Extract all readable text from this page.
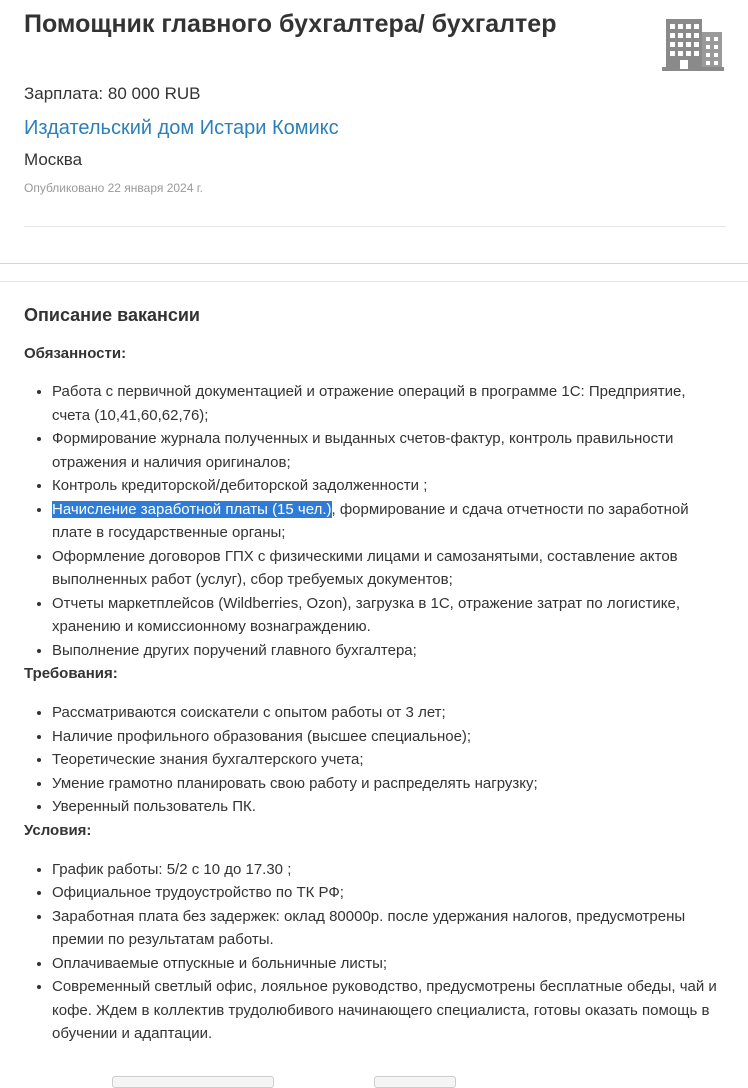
Помощник главного бухгалтера/ бухгалтер
Зарплата: 80 000 RUB
Издательский дом Истари Комикс
Москва
Опубликовано 22 января 2024 г.
Описание вакансии
Обязанности:
• Работа с первичной документацией и отражение операций в программе 1С: Предприятие, счета (10,41,60,62,76);
• Формирование журнала полученных и выданных счетов-фактур, контроль правильности отражения и наличия оригиналов;
• Контроль кредиторской/дебиторской задолженности ;
• Начисление заработной платы (15 чел.), формирование и сдача отчетности по заработной плате в государственные органы;
• Оформление договоров ГПХ с физическими лицами и самозанятыми, составление актов выполненных работ (услуг), сбор требуемых документов;
• Отчеты маркетплейсов (Wildberries, Ozon), загрузка в 1С, отражение затрат по логистике, хранению и комиссионному вознаграждению.
• Выполнение других поручений главного бухгалтера;
Требования:
• Рассматриваются соискатели с опытом работы от 3 лет;
• Наличие профильного образования (высшее специальное);
• Теоретические знания бухгалтерского учета;
• Умение грамотно планировать свою работу и распределять нагрузку;
• Уверенный пользователь ПК.
Условия:
• График работы: 5/2 с 10 до 17.30 ;
• Официальное трудоустройство по ТК РФ;
• Заработная плата без задержек: оклад 80000р. после удержания налогов, предусмотрены премии по результатам работы.
• Оплачиваемые отпускные и больничные листы;
• Современный светлый офис, лояльное руководство, предусмотрены бесплатные обеды, чай и кофе. Ждем в коллектив трудолюбивого начинающего специалиста, готовы оказать помощь в обучении и адаптации.
